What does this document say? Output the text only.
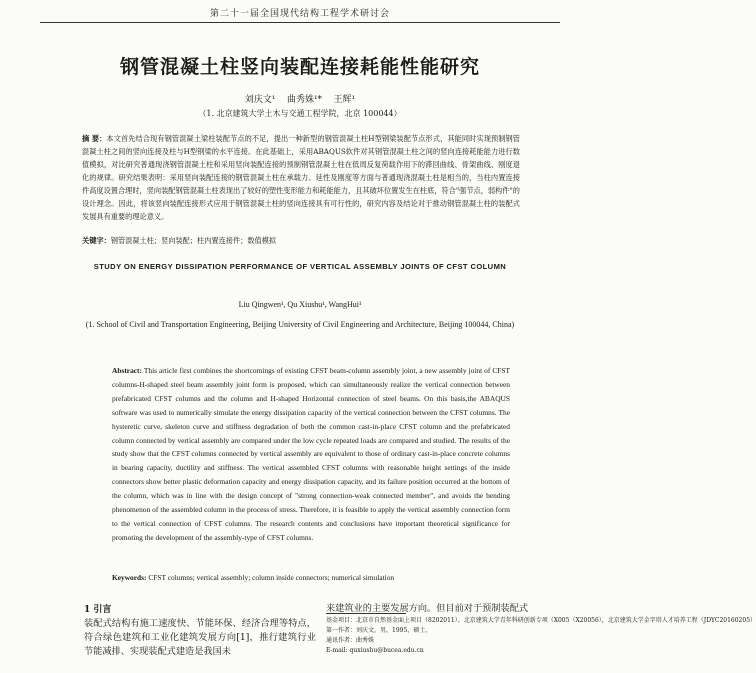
第二十一届全国现代结构工程学术研讨会
钢管混凝土柱竖向装配连接耗能性能研究
刘庆文¹ 曲秀姝¹* 王辉¹
（1. 北京建筑大学土木与交通工程学院，北京 100044）

摘 要：本文首先结合现有钢管混凝土梁柱装配节点的不足，提出一种新型的钢管混凝土柱H型钢梁装配节点形式，其能同时实现预制钢管混凝土柱之间的竖向连接及柱与H型钢梁的水平连接。在此基础上，采用ABAQUS软件对其钢管混凝土柱之间的竖向连接耗能能力进行数值模拟，对比研究普通现浇钢管混凝土柱和采用竖向装配连接的预制钢管混凝土柱在低周反复荷载作用下的滞回曲线、骨架曲线、刚度退化的规律。研究结果表明：采用竖向装配连接的钢管混凝土柱在承载力、延性及刚度等方面与普通现浇混凝土柱是相当的，当柱内置连接件高度设置合理时，竖向装配钢管混凝土柱表现出了较好的塑性变形能力和耗能能力，且其破坏位置发生在柱底，符合"强节点，弱构件"的设计理念。因此，将该竖向装配连接形式应用于钢管混凝土柱的竖向连接具有可行性的，研究内容及结论对于推动钢管混凝土柱的装配式发展具有重要的理论意义。

关键字：钢管混凝土柱；竖向装配；柱内置连接件；数值模拟

STUDY ON ENERGY DISSIPATION PERFORMANCE OF VERTICAL ASSEMBLY JOINTS OF CFST COLUMN
Liu Qingwen¹, Qu Xiushu¹, WangHui¹
(1. School of Civil and Transportation Engineering, Beijing University of Civil Engineering and Architecture, Beijing 100044, China)

Abstract: This article first combines the shortcomings of existing CFST beam-column assembly joint, a new assembly joint of CFST columns-H-shaped steel beam assembly joint form is proposed, which can simultaneously realize the vertical connection between prefabricated CFST columns and the column and H-shaped Horizontal connection of steel beams. On this basis,the ABAQUS software was used to numerically simulate the energy dissipation capacity of the vertical connection between the CFST columns. The hysteretic curve, skeleton curve and stiffness degradation of both the common cast-in-place CFST column and the prefabricated column connected by vertical assembly are compared under the low cycle repeated loads are compared and studied. The results of the study show that the CFST columns connected by vertical assembly are equivalent to those of ordinary cast-in-place concrete columns in bearing capacity, ductility and stiffness. The vertical assembled CFST columns with reasonable height settings of the inside connectors show better plastic deformation capacity and energy dissipation capacity, and its failure position occurred at the bottom of the column, which was in line with the design concept of "strong connection-weak connected member", and avoids the bending phenomenon of the assembled column in the process of stress. Therefore, it is feasible to apply the vertical assembly connection form to the vertical connection of CFST columns. The research contents and conclusions have important theoretical significance for promoting the development of the assembly-type of CFST columns.

Keywords: CFST columns; vertical assembly; column inside connectors; numerical simulation

1 引言

装配式结构有施工速度快、节能环保、经济合理等特点，符合绿色建筑和工业化建筑发展方向[1]，推行建筑行业节能减排、实现装配式建造是我国未

来建筑业的主要发展方向。但目前对于预制装配式
基金项目：北京市自然基金面上项目（8202011）、北京建筑大学青年科研创新专项（X005（X20056），北京建筑大学金字塔人才培养工程（JDYC20160205）
第一作者：刘庆文，男，1995，硕士。
通讯作者：曲秀姝
E-mail: quxiushu@bucea.edu.cn
